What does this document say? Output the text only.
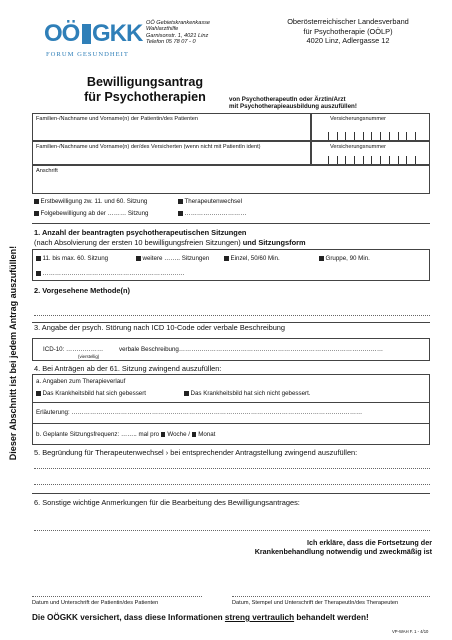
OÖ GKK
FORUM GESUNDHEIT
OÖ Gebietskrankenkasse
Wahlarzthilfe
Garnisonstr. 1, 4021 Linz
Telefon 05 78 07 - 0
Oberösterreichischer Landesverband
für Psychotherapie (OÖLP)
4020 Linz, Adlergasse 12
Bewilligungsantrag
für Psychotherapien	von PsychotherapeutIn oder Ärztin/Arzt
mit Psychotherapieausbildung auszufüllen!
Dieser Abschnitt ist bei jedem Antrag auszufüllen!
Familien-/Nachname und Vorname(n) der Patientin/des Patienten	Versicherungsnummer
Familien-/Nachname und Vorname(n) der/des Versicherten (wenn nicht mit PatientIn ident)	Versicherungsnummer
Anschrift
Erstbewilligung zw. 11. und 60. Sitzung	Therapeutenwechsel
Folgebewilligung ab der ……… Sitzung	…………………………
1. Anzahl der beantragten psychotherapeutischen Sitzungen
(nach Absolvierung der ersten 10 bewilligungsfreien Sitzungen) und Sitzungsform
11. bis max. 60. Sitzung	weitere …….. Sitzungen	Einzel, 50/60 Min.	Gruppe, 90 Min.
……………………………………………………………
2. Vorgesehene Methode(n)
3. Angabe der psych. Störung nach ICD 10-Code oder verbale Beschreibung
ICD-10: ………………
(vierstellig)
verbale Beschreibung………………………………………………………………………………………
4. Bei Anträgen ab der 61. Sitzung zwingend auszufüllen:
a. Angaben zum Therapieverlauf
Das Krankheitsbild hat sich gebessert	Das Krankheitsbild hat sich nicht gebessert.
Erläuterung: ……………………………………………………………………………………………………………………………
b. Geplante Sitzungsfrequenz: …….. mal pro Woche / Monat
5. Begründung für Therapeutenwechsel › bei entsprechender Antragstellung zwingend auszufüllen:
6. Sonstige wichtige Anmerkungen für die Bearbeitung des Bewilligungsantrages:
Ich erkläre, dass die Fortsetzung der
Krankenbehandlung notwendig und zweckmäßig ist
Datum und Unterschrift der Patientin/des Patienten	Datum, Stempel und Unterschrift der TherapeutIn/des Therapeuten
Die OÖGKK versichert, dass diese Informationen streng vertraulich behandelt werden!
VP-WAH F. 1 - 4/10
